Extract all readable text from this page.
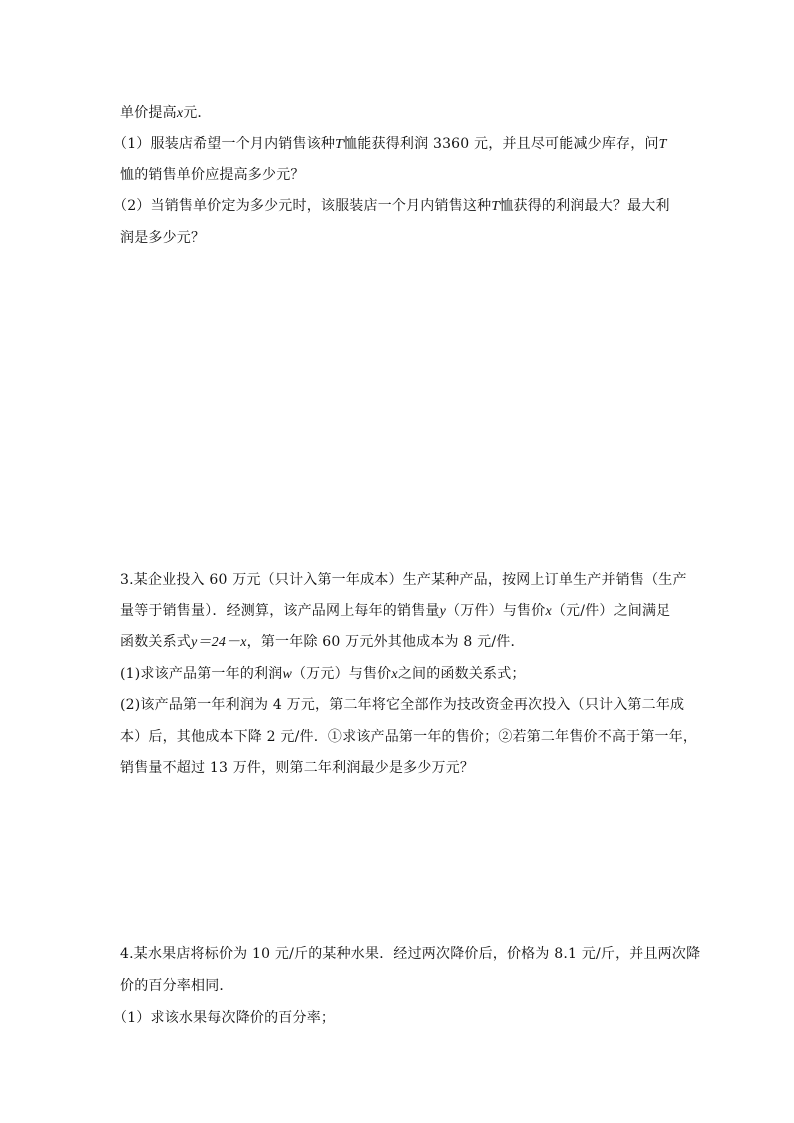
单价提高x元．
（1）服装店希望一个月内销售该种T恤能获得利润 3360 元，并且尽可能减少库存，问T
恤的销售单价应提高多少元？
（2）当销售单价定为多少元时，该服装店一个月内销售这种T恤获得的利润最大？最大利
润是多少元？
3.某企业投入 60 万元（只计入第一年成本）生产某种产品，按网上订单生产并销售（生产
量等于销售量）．经测算，该产品网上每年的销售量y（万件）与售价x（元/件）之间满足
函数关系式y＝24－x，第一年除 60 万元外其他成本为 8 元/件．
(1)求该产品第一年的利润w（万元）与售价x之间的函数关系式；
(2)该产品第一年利润为 4 万元，第二年将它全部作为技改资金再次投入（只计入第二年成
本）后，其他成本下降 2 元/件．①求该产品第一年的售价；②若第二年售价不高于第一年，
销售量不超过 13 万件，则第二年利润最少是多少万元？
4.某水果店将标价为 10 元/斤的某种水果．经过两次降价后，价格为 8.1 元/斤，并且两次降
价的百分率相同．
（1）求该水果每次降价的百分率；
